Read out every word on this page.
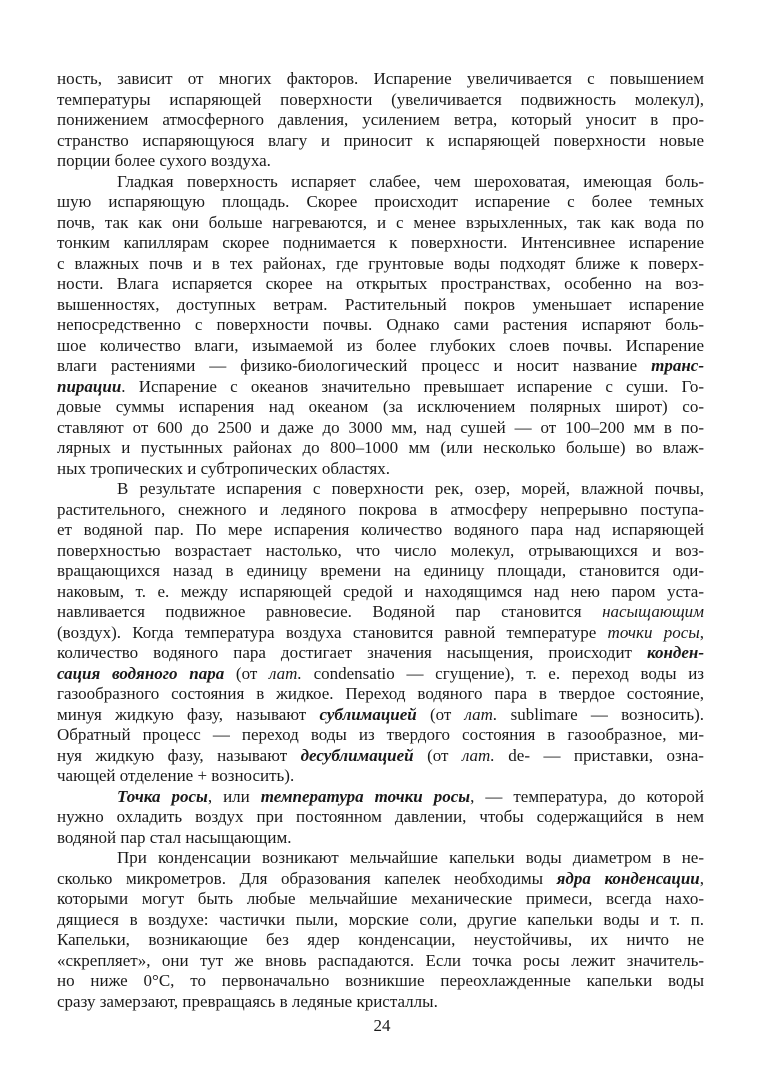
ность, зависит от многих факторов. Испарение увеличивается с повышением
температуры испаряющей поверхности (увеличивается подвижность молекул),
понижением атмосферного давления, усилением ветра, который уносит в про-
странство испаряющуюся влагу и приносит к испаряющей поверхности новые
порции более сухого воздуха.
Гладкая поверхность испаряет слабее, чем шероховатая, имеющая боль-
шую испаряющую площадь. Скорее происходит испарение с более темных
почв, так как они больше нагреваются, и с менее взрыхленных, так как вода по
тонким капиллярам скорее поднимается к поверхности. Интенсивнее испарение
с влажных почв и в тех районах, где грунтовые воды подходят ближе к поверх-
ности. Влага испаряется скорее на открытых пространствах, особенно на воз-
вышенностях, доступных ветрам. Растительный покров уменьшает испарение
непосредственно с поверхности почвы. Однако сами растения испаряют боль-
шое количество влаги, изымаемой из более глубоких слоев почвы. Испарение
влаги растениями — физико-биологический процесс и носит название транс-
пирации. Испарение с океанов значительно превышает испарение с суши. Го-
довые суммы испарения над океаном (за исключением полярных широт) со-
ставляют от 600 до 2500 и даже до 3000 мм, над сушей — от 100–200 мм в по-
лярных и пустынных районах до 800–1000 мм (или несколько больше) во влаж-
ных тропических и субтропических областях.
В результате испарения с поверхности рек, озер, морей, влажной почвы,
растительного, снежного и ледяного покрова в атмосферу непрерывно поступа-
ет водяной пар. По мере испарения количество водяного пара над испаряющей
поверхностью возрастает настолько, что число молекул, отрывающихся и воз-
вращающихся назад в единицу времени на единицу площади, становится оди-
наковым, т. е. между испаряющей средой и находящимся над нею паром уста-
навливается подвижное равновесие. Водяной пар становится насыщающим
(воздух). Когда температура воздуха становится равной температуре точки росы,
количество водяного пара достигает значения насыщения, происходит конден-
сация водяного пара (от лат. condensatio — сгущение), т. е. переход воды из
газообразного состояния в жидкое. Переход водяного пара в твердое состояние,
минуя жидкую фазу, называют сублимацией (от лат. sublimare — возносить).
Обратный процесс — переход воды из твердого состояния в газообразное, ми-
нуя жидкую фазу, называют десублимацией (от лат. de- — приставки, озна-
чающей отделение + возносить).
Точка росы, или температура точки росы, — температура, до которой
нужно охладить воздух при постоянном давлении, чтобы содержащийся в нем
водяной пар стал насыщающим.
При конденсации возникают мельчайшие капельки воды диаметром в не-
сколько микрометров. Для образования капелек необходимы ядра конденсации,
которыми могут быть любые мельчайшие механические примеси, всегда нахо-
дящиеся в воздухе: частички пыли, морские соли, другие капельки воды и т. п.
Капельки, возникающие без ядер конденсации, неустойчивы, их ничто не
«скрепляет», они тут же вновь распадаются. Если точка росы лежит значитель-
но ниже 0°C, то первоначально возникшие переохлажденные капельки воды
сразу замерзают, превращаясь в ледяные кристаллы.
24
